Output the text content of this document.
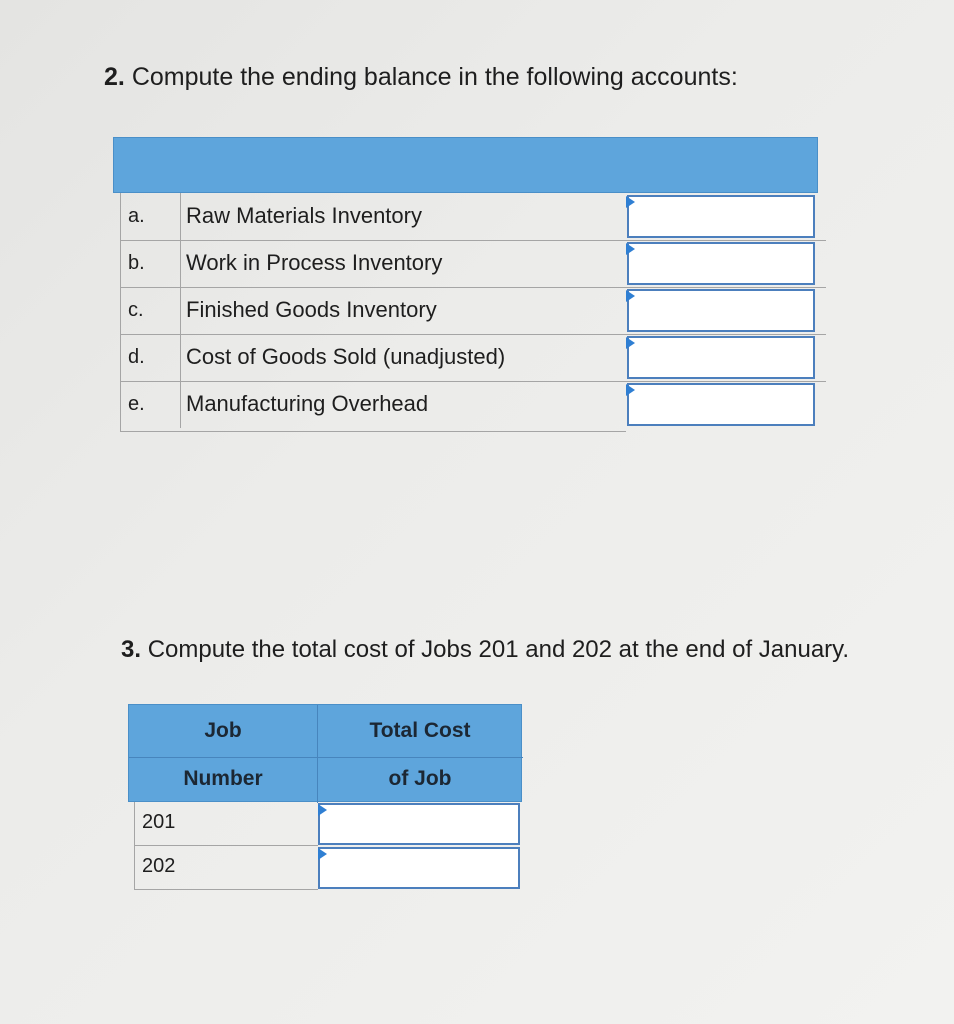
2. Compute the ending balance in the following accounts:
a. Raw Materials Inventory
b. Work in Process Inventory
c. Finished Goods Inventory
d. Cost of Goods Sold (unadjusted)
e. Manufacturing Overhead
3. Compute the total cost of Jobs 201 and 202 at the end of January.
Job
Number
Total Cost
of Job
201
202
